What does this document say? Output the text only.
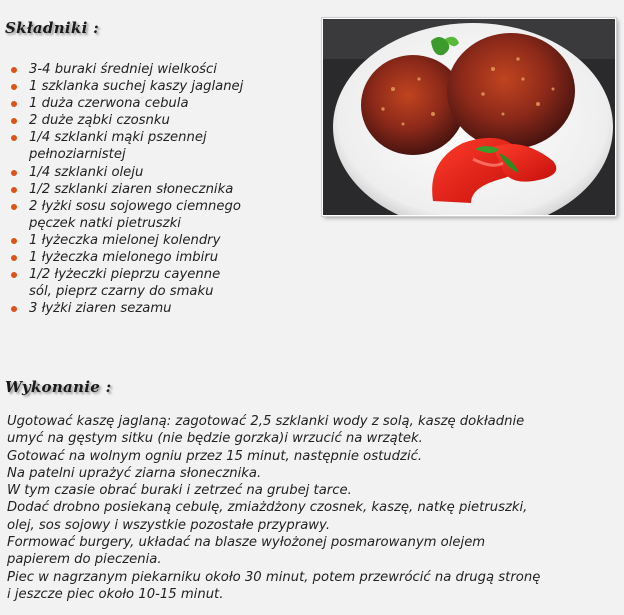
Składniki :
3-4 buraki średniej wielkości
1 szklanka suchej kaszy jaglanej
1 duża czerwona cebula
2 duże ząbki czosnku
1/4 szklanki mąki pszennej
pełnoziarnistej
1/4 szklanki oleju
1/2 szklanki ziaren słonecznika
2 łyżki sosu sojowego ciemnego
pęczek natki pietruszki
1 łyżeczka mielonej kolendry
1 łyżeczka mielonego imbiru
1/2 łyżeczki pieprzu cayenne
sól, pieprz czarny do smaku
3 łyżki ziaren sezamu
Wykonanie :
Ugotować kaszę jaglaną: zagotować 2,5 szklanki wody z solą, kaszę dokładnie
umyć na gęstym sitku (nie będzie gorzka)i wrzucić na wrzątek.
Gotować na wolnym ogniu przez 15 minut, następnie ostudzić.
Na patelni uprażyć ziarna słonecznika.
W tym czasie obrać buraki i zetrzeć na grubej tarce.
Dodać drobno posiekaną cebulę, zmiażdżony czosnek, kaszę, natkę pietruszki,
olej, sos sojowy i wszystkie pozostałe przyprawy.
Formować burgery, układać na blasze wyłożonej posmarowanym olejem
papierem do pieczenia.
Piec w nagrzanym piekarniku około 30 minut, potem przewrócić na drugą stronę
i jeszcze piec około 10-15 minut.
